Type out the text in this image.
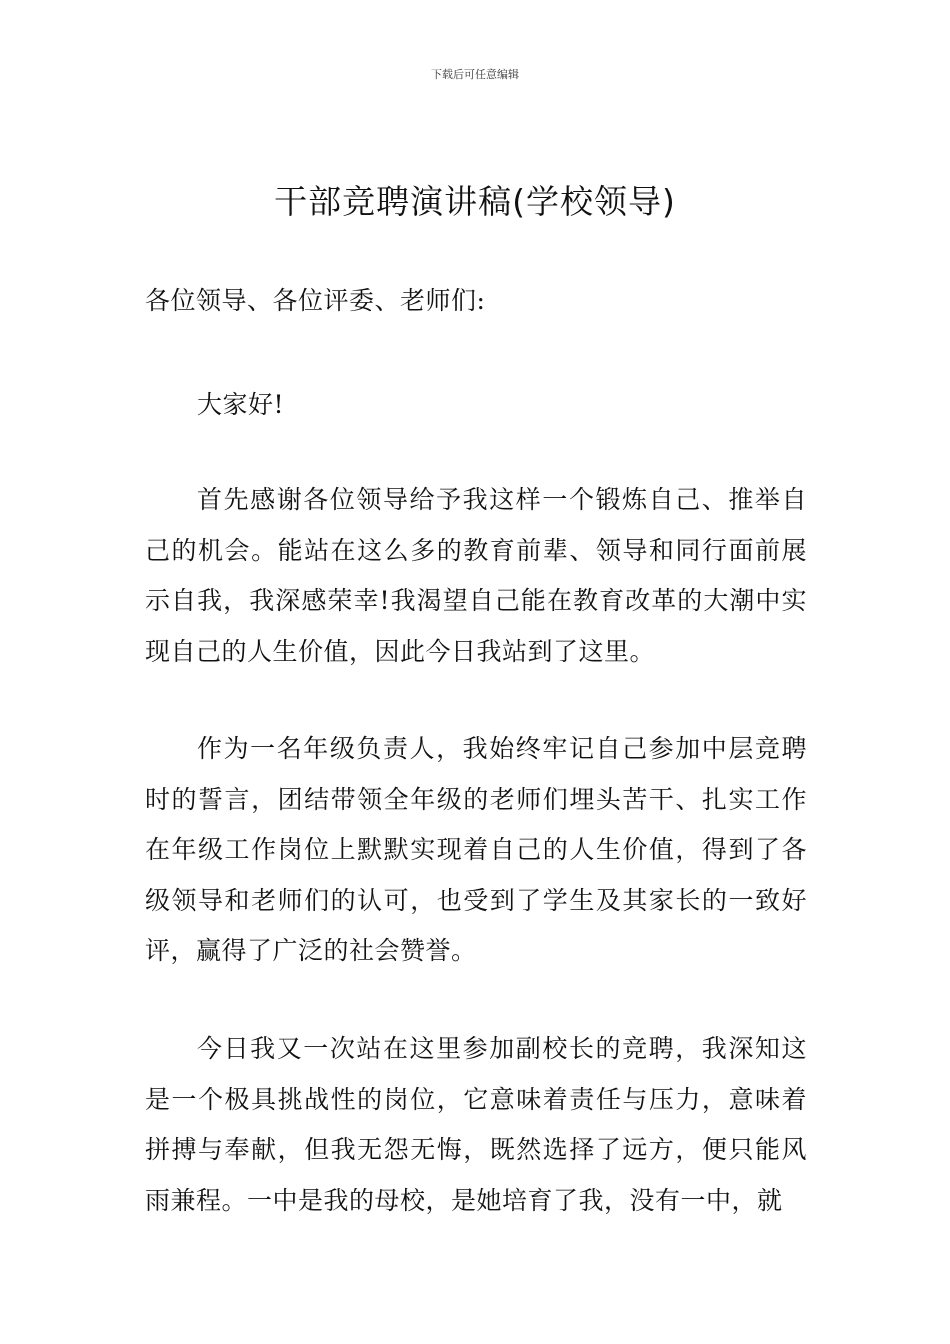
下载后可任意编辑
干部竞聘演讲稿(学校领导)
各位领导、各位评委、老师们:
大家好!
首先感谢各位领导给予我这样一个锻炼自己、推举自己的机会。能站在这么多的教育前辈、领导和同行面前展示自我，我深感荣幸!我渴望自己能在教育改革的大潮中实现自己的人生价值，因此今日我站到了这里。
作为一名年级负责人，我始终牢记自己参加中层竞聘时的誓言，团结带领全年级的老师们埋头苦干、扎实工作在年级工作岗位上默默实现着自己的人生价值，得到了各级领导和老师们的认可，也受到了学生及其家长的一致好评，赢得了广泛的社会赞誉。
今日我又一次站在这里参加副校长的竞聘，我深知这是一个极具挑战性的岗位，它意味着责任与压力，意味着拼搏与奉献，但我无怨无悔，既然选择了远方，便只能风雨兼程。一中是我的母校，是她培育了我，没有一中，就
